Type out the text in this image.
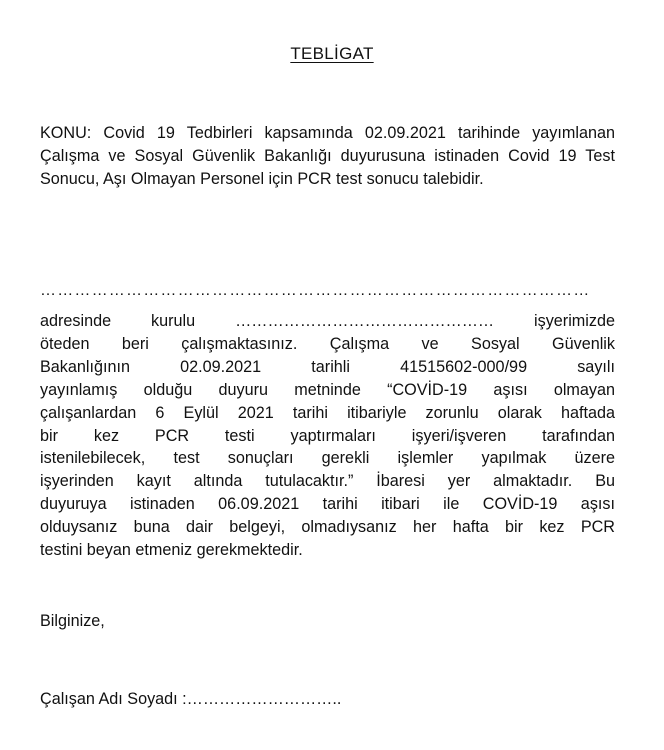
TEBLİGAT
KONU: Covid 19 Tedbirleri kapsamında 02.09.2021 tarihinde yayımlanan Çalışma ve Sosyal Güvenlik Bakanlığı duyurusuna istinaden Covid 19 Test Sonucu, Aşı Olmayan Personel için PCR test sonucu talebidir.
……………………………………………………………………………………
adresinde kurulu ………………………………………… işyerimizde
öteden beri çalışmaktasınız. Çalışma ve Sosyal Güvenlik
Bakanlığının 02.09.2021 tarihli 41515602-000/99 sayılı
yayınlamış olduğu duyuru metninde “COVİD-19 aşısı olmayan
çalışanlardan 6 Eylül 2021 tarihi itibariyle zorunlu olarak haftada
bir kez PCR testi yaptırmaları işyeri/işveren tarafından
istenilebilecek, test sonuçları gerekli işlemler yapılmak üzere
işyerinden kayıt altında tutulacaktır.” İbaresi yer almaktadır. Bu
duyuruya istinaden 06.09.2021 tarihi itibari ile COVİD-19 aşısı
olduysanız buna dair belgeyi, olmadıysanız her hafta bir kez PCR
testini beyan etmeniz gerekmektedir.
Bilginize,
Çalışan Adı Soyadı :………………………..
